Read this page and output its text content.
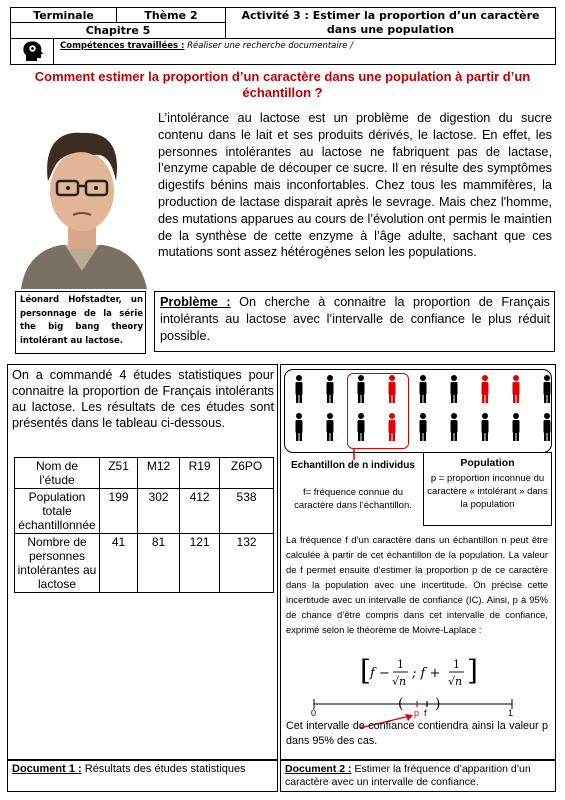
Terminale	Thème 2	Activité 3 : Estimer la proportion d’un caractère dans une population
Chapitre 5
Compétences travaillées : Réaliser une recherche documentaire /
Comment estimer la proportion d’un caractère dans une population à partir d’un échantillon ?
L’intolérance au lactose est un problème de digestion du sucre contenu dans le lait et ses produits dérivés, le lactose. En effet, les personnes intolérantes au lactose ne fabriquent pas de lactase, l’enzyme capable de découper ce sucre. Il en résulte des symptômes digestifs bénins mais inconfortables. Chez tous les mammifères, la production de lactase disparait après le sevrage. Mais chez l'homme, des mutations apparues au cours de l’évolution ont permis le maintien de la synthèse de cette enzyme à l’âge adulte, sachant que ces mutations sont assez hétérogènes selon les populations.
Léonard Hofstadter, un personnage de la série the big bang theory intolérant au lactose.
Problème : On cherche à connaitre la proportion de Français intolérants au lactose avec l’intervalle de confiance le plus réduit possible.
On a commandé 4 études statistiques pour connaitre la proportion de Français intolérants au lactose. Les résultats de ces études sont présentés dans le tableau ci-dessous.
Nom de l’étude	Z51	M12	R19	Z6PO
Population totale échantillonnée	199	302	412	538
Nombre de personnes intolérantes au lactose	41	81	121	132
Document 1 : Résultats des études statistiques
Echantillon de n individus
f= fréquence connue du caractère dans l’échantillon.
Population
p = proportion inconnue du caractère « intolérant » dans la population
La fréquence f d’un caractère dans un échantillon n peut être calculée à partir de cet échantillon de la population. La valeur de f permet ensuite d’estimer la proportion p de ce caractère dans la population avec une incertitude. On précise cette incertitude avec un intervalle de confiance (IC). Ainsi, p à 95% de chance d’être compris dans cet intervalle de confiance, exprimé selon le théorème de Moivre-Laplace :
[ f −
1
√n
; f +
1
√n ]
( )
0	1
p f
Cet intervalle de confiance contiendra ainsi la valeur p dans 95% des cas.
Document 2 : Estimer la fréquence d’apparition d’un caractère avec un intervalle de confiance.
